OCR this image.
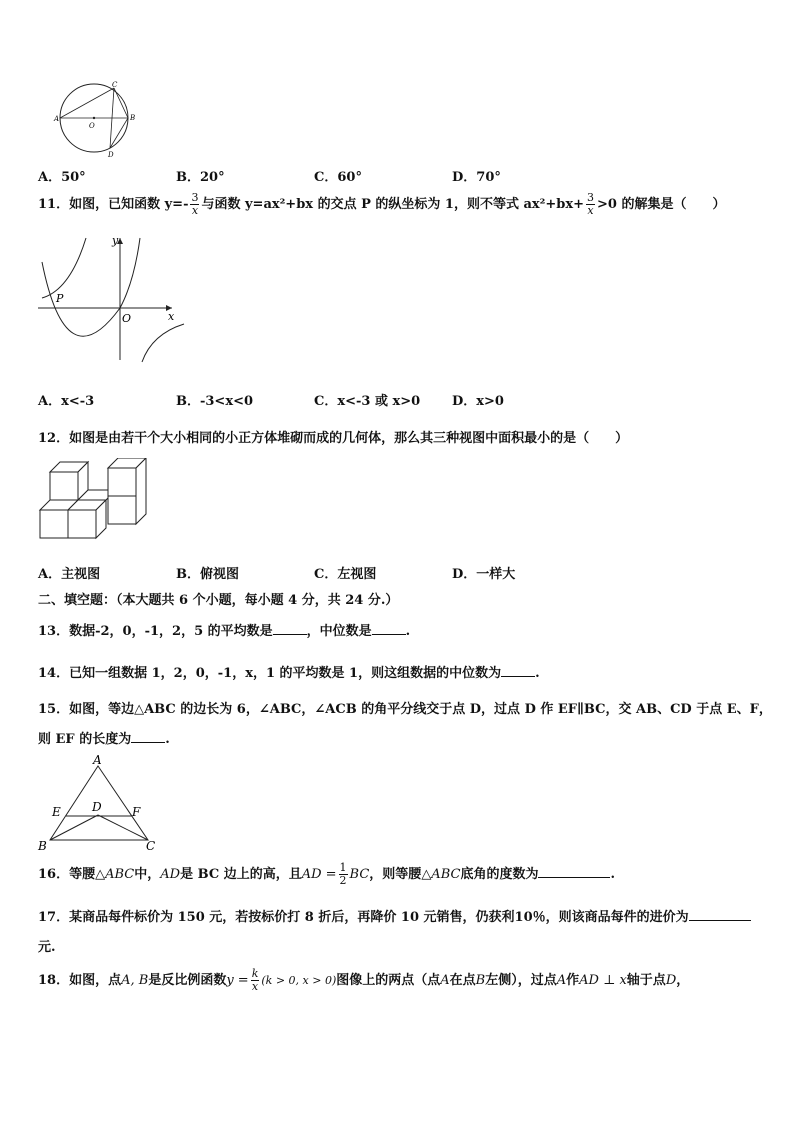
C
A
O
B
D
A．50°	B．20°	C．60°	D．70°
11．如图，已知函数 $y=- \frac{3}{x}$ 与函数 y=ax²+bx 的交点 P 的纵坐标为 1，则不等式 $ax^2+bx+ \frac{3}{x} >0$ 的解集是（　　）
y
x
P
O
A．x<-3	B．-3<x<0	C．x<-3 或 x>0 D．x>0
12．如图是由若干个大小相同的小正方体堆砌而成的几何体，那么其三种视图中面积最小的是（　　）
A．主视图	B．俯视图	C．左视图	D．一样大
二、填空题：（本大题共 6 个小题，每小题 4 分，共 24 分.）
13．数据-2，0，-1，2，5 的平均数是	，中位数是	.
14．已知一组数据 1，2，0，-1，x，1 的平均数是 1，则这组数据的中位数为	.
15．如图，等边△ABC 的边长为 6，∠ABC，∠ACB 的角平分线交于点 D，过点 D 作 EF∥BC，交 AB、CD 于点 E、F，
则 EF 的长度为	.
A
E	D	F
B	C
16．等腰△ABC中，AD是 BC 边上的高，且AD = $\frac{1}{2}$ BC，则等腰△ABC底角的度数为	.
17．某商品每件标价为 150 元，若按标价打 8 折后，再降价 10 元销售，仍获利10％，则该商品每件的进价为
元.
18．如图，点A, B是反比例函数$y = \frac{k}{x} (k > 0$, x > 0)图像上的两点（点A在点B左侧），过点A作AD ⊥ x轴于点D，
